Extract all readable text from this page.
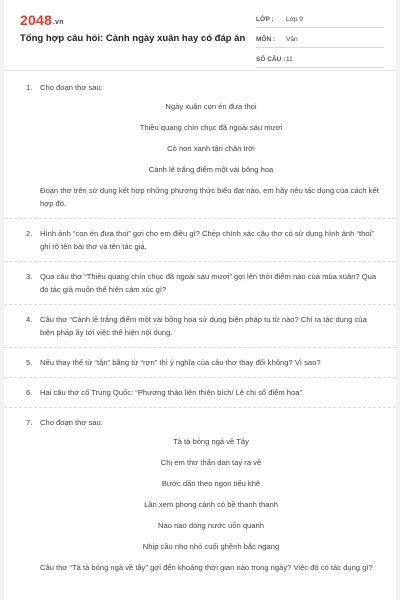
2048.vn
Tổng hợp câu hỏi: Cảnh ngày xuân hay có đáp án
LỚP :	Lớp 9
MÔN :	Văn
SỐ CÂU : 11
1. Cho đoạn thơ sau:

Ngày xuân con én đưa thoi

Thiều quang chín chục đã ngoài sáu mươi

Cỏ non xanh tận chân trời

Cành lê trắng điểm một vài bông hoa

Đoạn thơ trên sử dụng kết hợp những phương thức biểu đạt nào, em hãy nêu tác dụng của cách kết hợp đó.

2. Hình ảnh “con én đưa thoi” gợi cho em điều gì? Chép chính xác câu thơ có sử dụng hình ảnh “thoi” ghi rõ tên bài thơ và tên tác giả.

3. Qua câu thơ “Thiều quang chín chục đã ngoài sáu mươi” gợi lên thời điểm nào của mùa xuân? Qua đó tác giả muốn thể hiện cảm xúc gì?

4. Câu thơ “Cành lê trắng điểm một vài bông hoa sử dụng biện pháp tu từ nào? Chỉ ra tác dụng của biện pháp ấy tới việc thể hiện nội dung.

5. Nếu thay thế từ “tận” bằng từ “rợn” thì ý nghĩa của câu thơ thay đổi không? Vì sao?

6. Hai câu thơ cổ Trung Quốc: “Phương thảo liên thiên bích/ Lê chi sổ điểm hoa”.

7. Cho đoạn thơ sau:

Tà tà bóng ngả về Tây

Chị em thơ thẩn dan tay ra về

Bước dần theo ngọn tiểu khê

Lần xem phong cảnh có bề thanh thanh

Nao nao dòng nước uốn quanh

Nhịp cầu nho nhỏ cuối ghềnh bắc ngang

Câu thơ “Tà tà bóng ngả về tây” gợi đến khoảng thời gian nào trong ngày? Việc đó có tác dụng gì?
